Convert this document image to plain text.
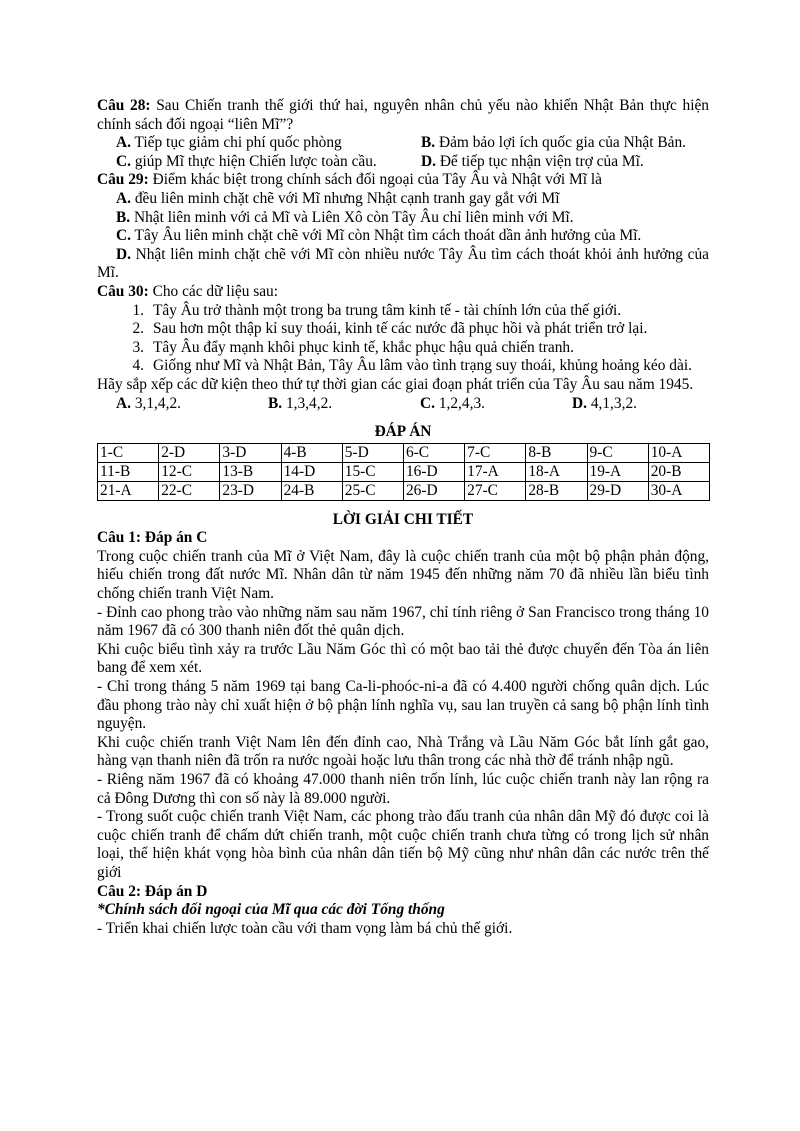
Câu 28: Sau Chiến tranh thế giới thứ hai, nguyên nhân chủ yếu nào khiến Nhật Bản thực hiện chính sách đối ngoại “liên Mĩ”?

A. Tiếp tục giảm chi phí quốc phòng	B. Đảm bảo lợi ích quốc gia của Nhật Bản.
C. giúp Mĩ thực hiện Chiến lược toàn cầu.	D. Để tiếp tục nhận viện trợ của Mĩ.

Câu 29: Điểm khác biệt trong chính sách đối ngoại của Tây Âu và Nhật với Mĩ là

A. đều liên minh chặt chẽ với Mĩ nhưng Nhật cạnh tranh gay gắt với Mĩ

B. Nhật liên minh với cả Mĩ và Liên Xô còn Tây Âu chỉ liên minh với Mĩ.

C. Tây Âu liên minh chặt chẽ với Mĩ còn Nhật tìm cách thoát dần ảnh hưởng của Mĩ.

D. Nhật liên minh chặt chẽ với Mĩ còn nhiều nước Tây Âu tìm cách thoát khỏi ảnh hưởng của Mĩ.

Câu 30: Cho các dữ liệu sau:

1. Tây Âu trở thành một trong ba trung tâm kinh tế - tài chính lớn của thế giới.
2. Sau hơn một thập kỉ suy thoái, kinh tế các nước đã phục hồi và phát triển trở lại.
3. Tây Âu đẩy mạnh khôi phục kinh tế, khắc phục hậu quả chiến tranh.
4. Giống như Mĩ và Nhật Bản, Tây Âu lâm vào tình trạng suy thoái, khủng hoảng kéo dài.

Hãy sắp xếp các dữ kiện theo thứ tự thời gian các giai đoạn phát triển của Tây Âu sau năm 1945.

A. 3,1,4,2.	B. 1,3,4,2.	C. 1,2,4,3.	D. 4,1,3,2.

ĐÁP ÁN

1-C	2-D	3-D	4-B	5-D	6-C	7-C	8-B	9-C	10-A
11-B	12-C	13-B	14-D	15-C	16-D	17-A	18-A	19-A	20-B
21-A	22-C	23-D	24-B	25-C	26-D	27-C	28-B	29-D	30-A

LỜI GIẢI CHI TIẾT

Câu 1: Đáp án C

Trong cuộc chiến tranh của Mĩ ở Việt Nam, đây là cuộc chiến tranh của một bộ phận phản động, hiếu chiến trong đất nước Mĩ. Nhân dân từ năm 1945 đến những năm 70 đã nhiều lần biểu tình chống chiến tranh Việt Nam.

- Đỉnh cao phong trào vào những năm sau năm 1967, chỉ tính riêng ở San Francisco trong tháng 10 năm 1967 đã có 300 thanh niên đốt thẻ quân dịch.

Khi cuộc biểu tình xảy ra trước Lầu Năm Góc thì có một bao tải thẻ được chuyển đến Tòa án liên bang để xem xét.

- Chỉ trong tháng 5 năm 1969 tại bang Ca-li-phoóc-ni-a đã có 4.400 người chống quân dịch. Lúc đầu phong trào này chỉ xuất hiện ở bộ phận lính nghĩa vụ, sau lan truyền cả sang bộ phận lính tình nguyện.

Khi cuộc chiến tranh Việt Nam lên đến đỉnh cao, Nhà Trắng và Lầu Năm Góc bắt lính gắt gao, hàng vạn thanh niên đã trốn ra nước ngoài hoặc lưu thân trong các nhà thờ để tránh nhập ngũ.

- Riêng năm 1967 đã có khoảng 47.000 thanh niên trốn lính, lúc cuộc chiến tranh này lan rộng ra cả Đông Dương thì con số này là 89.000 người.

- Trong suốt cuộc chiến tranh Việt Nam, các phong trào đấu tranh của nhân dân Mỹ đó được coi là cuộc chiến tranh để chấm dứt chiến tranh, một cuộc chiến tranh chưa từng có trong lịch sử nhân loại, thể hiện khát vọng hòa bình của nhân dân tiến bộ Mỹ cũng như nhân dân các nước trên thế giới

Câu 2: Đáp án D

*Chính sách đối ngoại của Mĩ qua các đời Tổng thống

- Triển khai chiến lược toàn cầu với tham vọng làm bá chủ thế giới.
